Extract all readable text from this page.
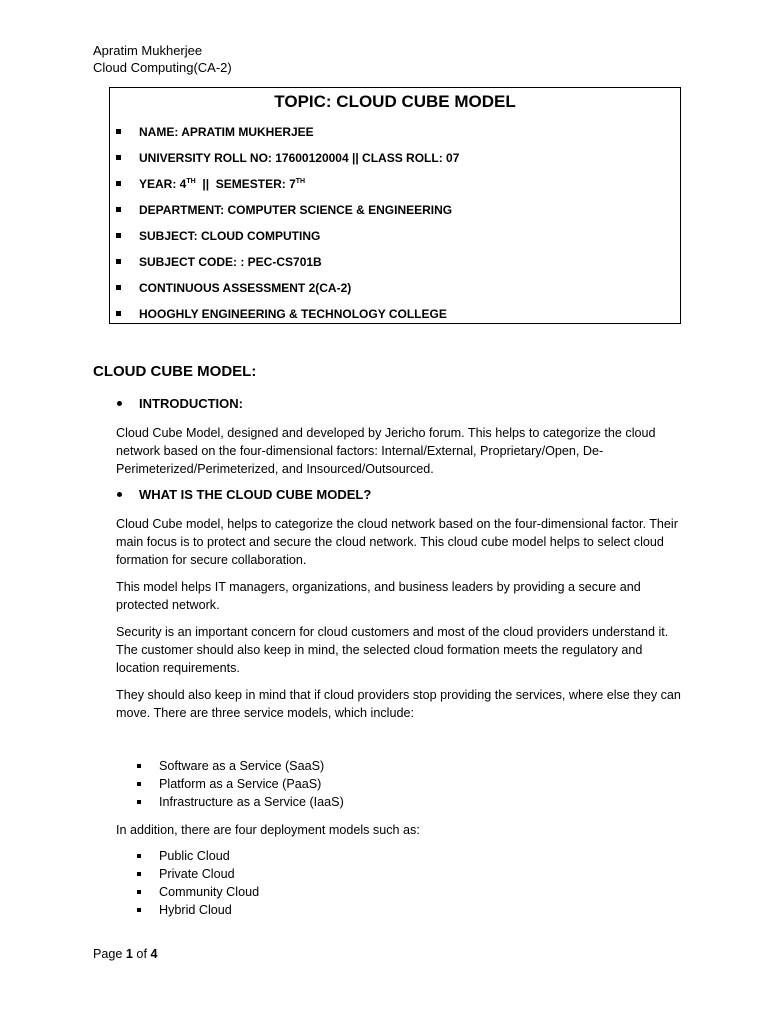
Apratim Mukherjee
Cloud Computing(CA-2)
TOPIC: CLOUD CUBE MODEL
NAME: APRATIM MUKHERJEE
UNIVERSITY ROLL NO: 17600120004 || CLASS ROLL: 07
YEAR: 4TH  ||  SEMESTER: 7TH
DEPARTMENT: COMPUTER SCIENCE & ENGINEERING
SUBJECT: CLOUD COMPUTING
SUBJECT CODE: : PEC-CS701B
CONTINUOUS ASSESSMENT 2(CA-2)
HOOGHLY ENGINEERING & TECHNOLOGY COLLEGE
CLOUD CUBE MODEL:
INTRODUCTION:
Cloud Cube Model, designed and developed by Jericho forum. This helps to categorize the cloud network based on the four-dimensional factors: Internal/External, Proprietary/Open, De-Perimeterized/Perimeterized, and Insourced/Outsourced.
WHAT IS THE CLOUD CUBE MODEL?
Cloud Cube model, helps to categorize the cloud network based on the four-dimensional factor. Their main focus is to protect and secure the cloud network. This cloud cube model helps to select cloud formation for secure collaboration.
This model helps IT managers, organizations, and business leaders by providing a secure and protected network.
Security is an important concern for cloud customers and most of the cloud providers understand it. The customer should also keep in mind, the selected cloud formation meets the regulatory and location requirements.
They should also keep in mind that if cloud providers stop providing the services, where else they can move. There are three service models, which include:
Software as a Service (SaaS)
Platform as a Service (PaaS)
Infrastructure as a Service (IaaS)
In addition, there are four deployment models such as:
Public Cloud
Private Cloud
Community Cloud
Hybrid Cloud
Page 1 of 4
